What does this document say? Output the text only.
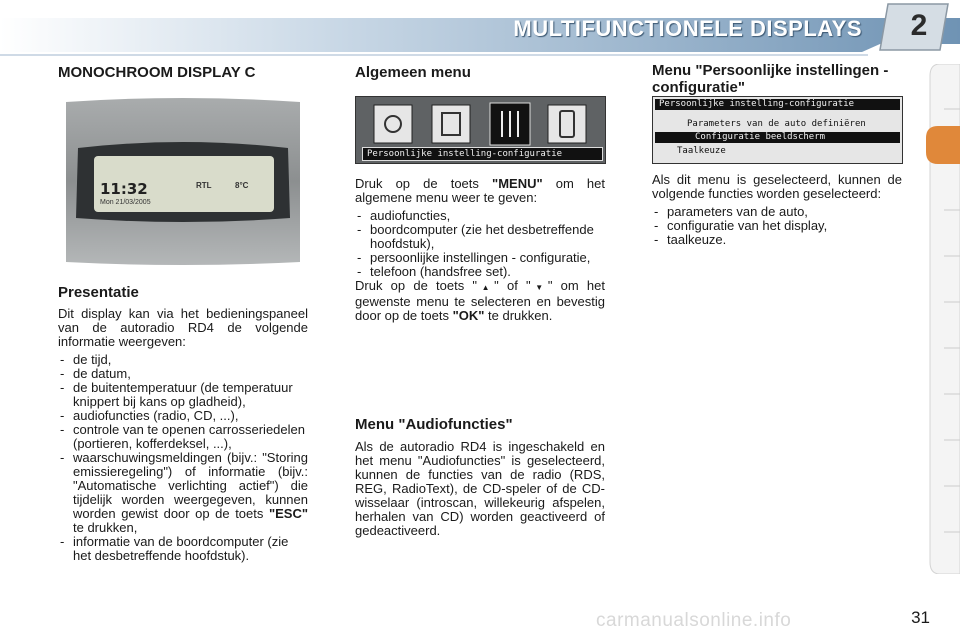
MULTIFUNCTIONELE DISPLAYS	2

MONOCHROOM DISPLAY C

11:32
Mon 21/03/2005
RTL	8°C

Presentatie

Dit display kan via het bedieningspaneel van de autoradio RD4 de volgende informatie weergeven:

- de tijd,
- de datum,
- de buitentemperatuur (de temperatuur knippert bij kans op gladheid),
- audiofuncties (radio, CD, ...),
- controle van te openen carrosseriedelen (portieren, kofferdeksel, ...),
- waarschuwingsmeldingen (bijv.: "Storing emissieregeling") of informatie (bijv.: "Automatische verlichting actief") die tijdelijk worden weergegeven, kunnen worden gewist door op de toets "ESC" te drukken,
- informatie van de boordcomputer (zie het desbetreffende hoofdstuk).

Algemeen menu

Persoonlijke instelling-configuratie

Druk op de toets "MENU" om het algemene menu weer te geven:

- audiofuncties,
- boordcomputer (zie het desbetreffende hoofdstuk),
- persoonlijke instellingen - configuratie,
- telefoon (handsfree set).

Druk op de toets "▲" of "▼" om het gewenste menu te selecteren en bevestig door op de toets "OK" te drukken.

Menu "Audiofuncties"

Als de autoradio RD4 is ingeschakeld en het menu "Audiofuncties" is geselecteerd, kunnen de functies van de radio (RDS, REG, RadioText), de CD-speler of de CD-wisselaar (introscan, willekeurig afspelen, herhalen van CD) worden geactiveerd of gedeactiveerd.

Menu "Persoonlijke instellingen - configuratie"

Persoonlijke instelling-configuratie
Parameters van de auto definiëren
Configuratie beeldscherm
Taalkeuze

Als dit menu is geselecteerd, kunnen de volgende functies worden geselecteerd:

- parameters van de auto,
- configuratie van het display,
- taalkeuze.
carmanualsonline.info	31
